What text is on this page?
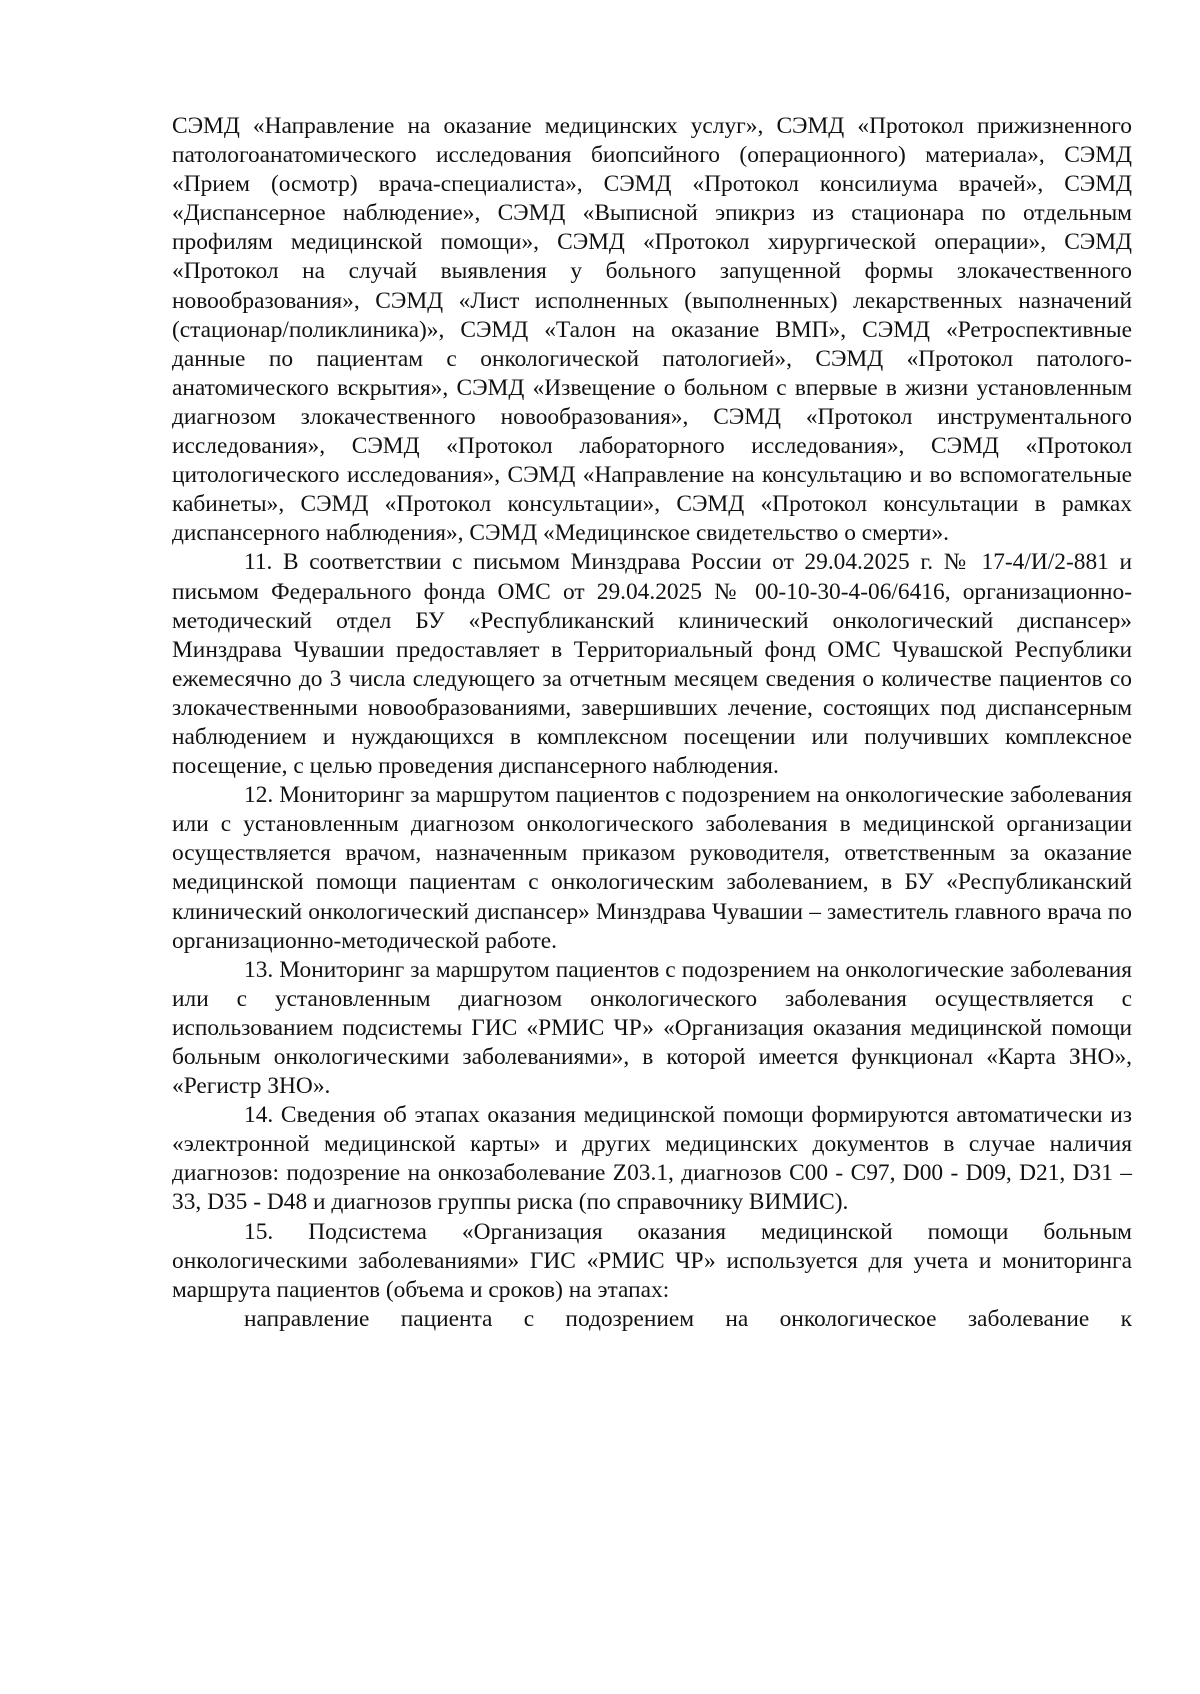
СЭМД «Направление на оказание медицинских услуг», СЭМД «Протокол прижизненного патологоанатомического исследования биопсийного (операционного) материала», СЭМД «Прием (осмотр) врача-специалиста», СЭМД «Протокол консилиума врачей», СЭМД «Диспансерное наблюдение», СЭМД «Выписной эпикриз из стационара по отдельным профилям медицинской помощи», СЭМД «Протокол хирургической операции», СЭМД «Протокол на случай выявления у больного запущенной формы злокачественного новообразования», СЭМД «Лист исполненных (выполненных) лекарственных назначений (стационар/поликлиника)», СЭМД «Талон на оказание ВМП», СЭМД «Ретроспективные данные по пациентам с онкологической патологией», СЭМД «Протокол патолого-анатомического вскрытия», СЭМД «Извещение о больном с впервые в жизни установленным диагнозом злокачественного новообразования», СЭМД «Протокол инструментального исследования», СЭМД «Протокол лабораторного исследования», СЭМД «Протокол цитологического исследования», СЭМД «Направление на консультацию и во вспомогательные кабинеты», СЭМД «Протокол консультации», СЭМД «Протокол консультации в рамках диспансерного наблюдения», СЭМД «Медицинское свидетельство о смерти».

11. В соответствии с письмом Минздрава России от 29.04.2025 г. № 17-4/И/2-881 и письмом Федерального фонда ОМС от 29.04.2025 № 00-10-30-4-06/6416, организационно-методический отдел БУ «Республиканский клинический онкологический диспансер» Минздрава Чувашии предоставляет в Территориальный фонд ОМС Чувашской Республики ежемесячно до 3 числа следующего за отчетным месяцем сведения о количестве пациентов со злокачественными новообразованиями, завершивших лечение, состоящих под диспансерным наблюдением и нуждающихся в комплексном посещении или получивших комплексное посещение, с целью проведения диспансерного наблюдения.

12. Мониторинг за маршрутом пациентов с подозрением на онкологические заболевания или с установленным диагнозом онкологического заболевания в медицинской организации осуществляется врачом, назначенным приказом руководителя, ответственным за оказание медицинской помощи пациентам с онкологическим заболеванием, в БУ «Республиканский клинический онкологический диспансер» Минздрава Чувашии – заместитель главного врача по организационно-методической работе.

13. Мониторинг за маршрутом пациентов с подозрением на онкологические заболевания или с установленным диагнозом онкологического заболевания осуществляется с использованием подсистемы ГИС «РМИС ЧР» «Организация оказания медицинской помощи больным онкологическими заболеваниями», в которой имеется функционал «Карта ЗНО», «Регистр ЗНО».

14. Сведения об этапах оказания медицинской помощи формируются автоматически из «электронной медицинской карты» и других медицинских документов в случае наличия диагнозов: подозрение на онкозаболевание Z03.1, диагнозов C00 - C97, D00 - D09, D21, D31 – 33, D35 - D48 и диагнозов группы риска (по справочнику ВИМИС).

15. Подсистема «Организация оказания медицинской помощи больным онкологическими заболеваниями» ГИС «РМИС ЧР» используется для учета и мониторинга маршрута пациентов (объема и сроков) на этапах:

направление пациента с подозрением на онкологическое заболевание к
